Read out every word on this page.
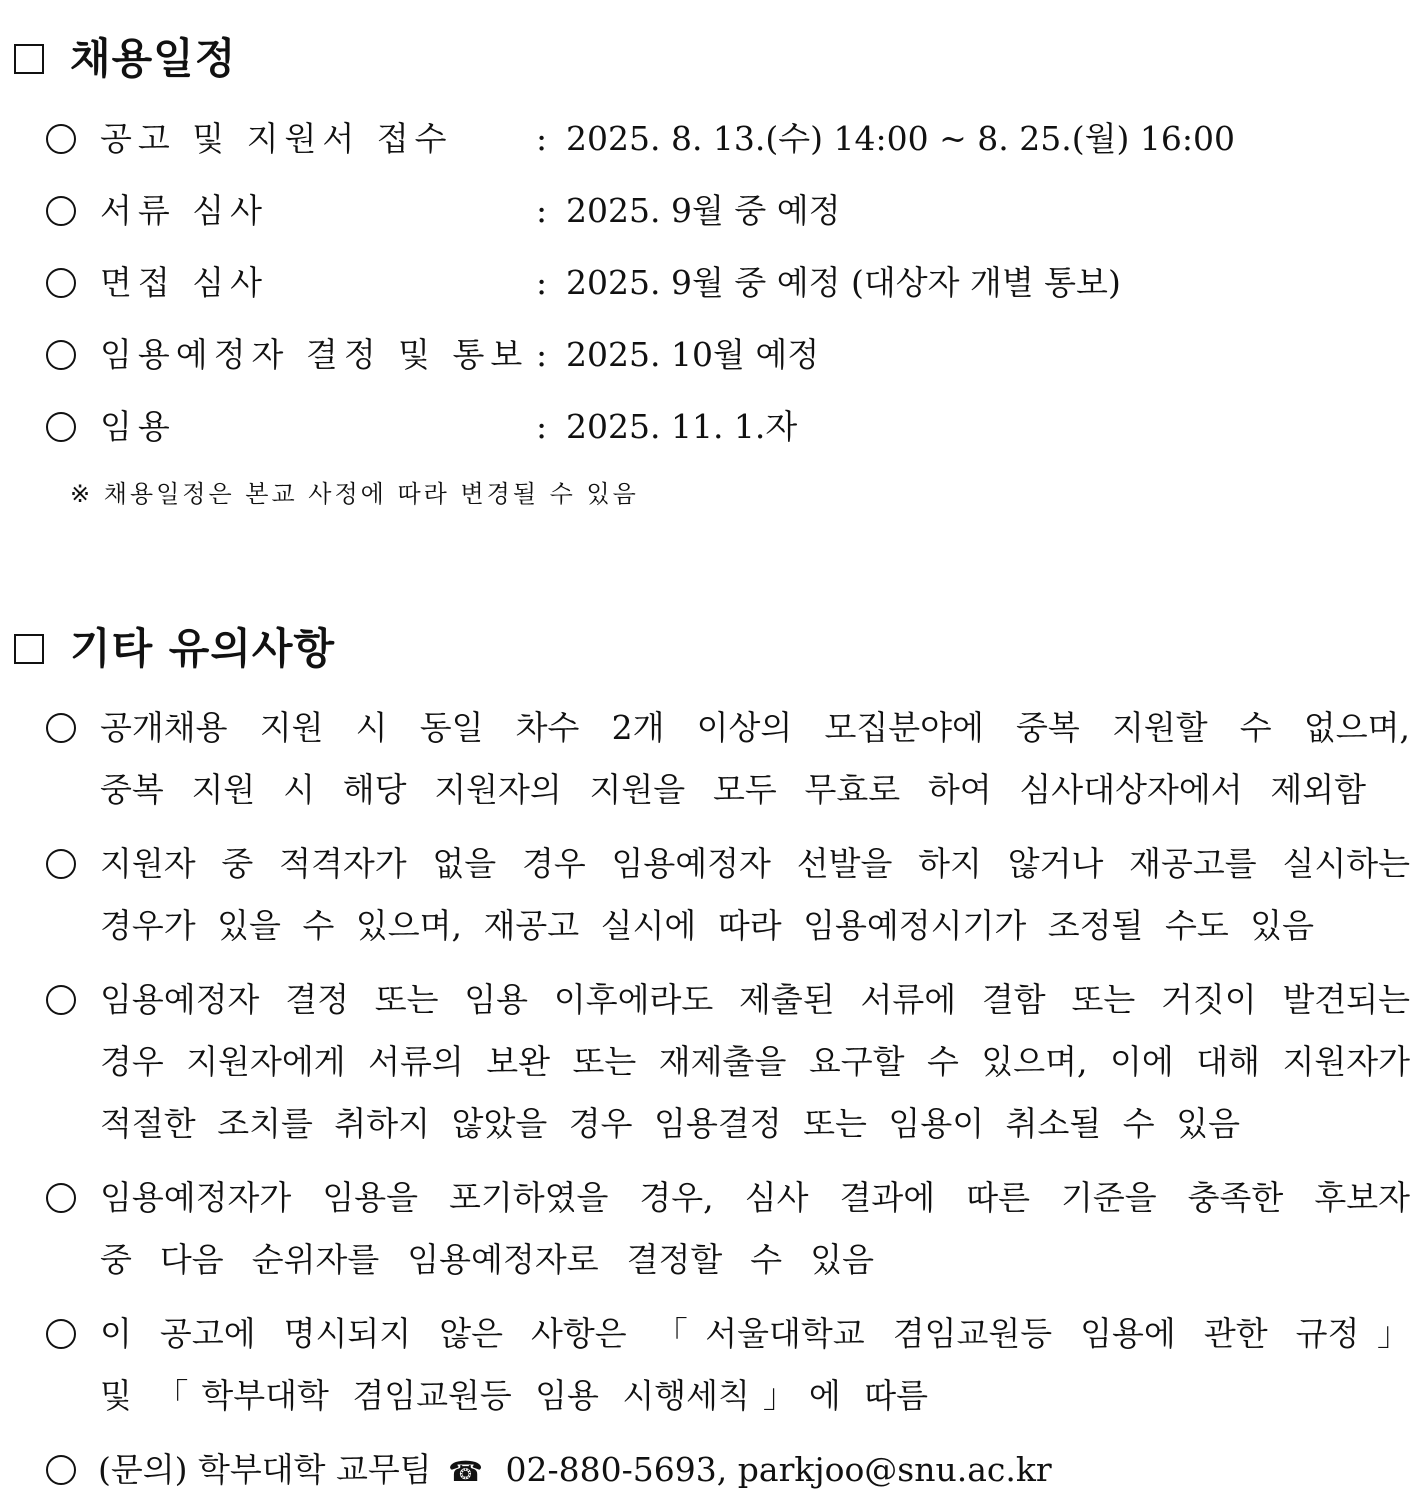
채용일정
공고 및 지원서 접수	: 2025. 8. 13.(수) 14:00 ~ 8. 25.(월) 16:00
서류 심사	: 2025. 9월 중 예정
면접 심사	: 2025. 9월 중 예정 (대상자 개별 통보)
임용예정자 결정 및 통보 : 2025. 10월 예정
임용	: 2025. 11. 1.자
※ 채용일정은 본교 사정에 따라 변경될 수 있음
기타 유의사항
공개채용 지원 시 동일 차수 2개 이상의 모집분야에 중복 지원할 수 없으며,
중복 지원 시 해당 지원자의 지원을 모두 무효로 하여 심사대상자에서 제외함
지원자 중 적격자가 없을 경우 임용예정자 선발을 하지 않거나 재공고를 실시하는
경우가 있을 수 있으며, 재공고 실시에 따라 임용예정시기가 조정될 수도 있음
임용예정자 결정 또는 임용 이후에라도 제출된 서류에 결함 또는 거짓이 발견되는
경우 지원자에게 서류의 보완 또는 재제출을 요구할 수 있으며, 이에 대해 지원자가
적절한 조치를 취하지 않았을 경우 임용결정 또는 임용이 취소될 수 있음
임용예정자가 임용을 포기하였을 경우, 심사 결과에 따른 기준을 충족한 후보자
중 다음 순위자를 임용예정자로 결정할 수 있음
이 공고에 명시되지 않은 사항은 「서울대학교 겸임교원등 임용에 관한 규정」
및 「학부대학 겸임교원등 임용 시행세칙」에 따름
(문의) 학부대학 교무팀 ☎ 02-880-5693, parkjoo@snu.ac.kr
